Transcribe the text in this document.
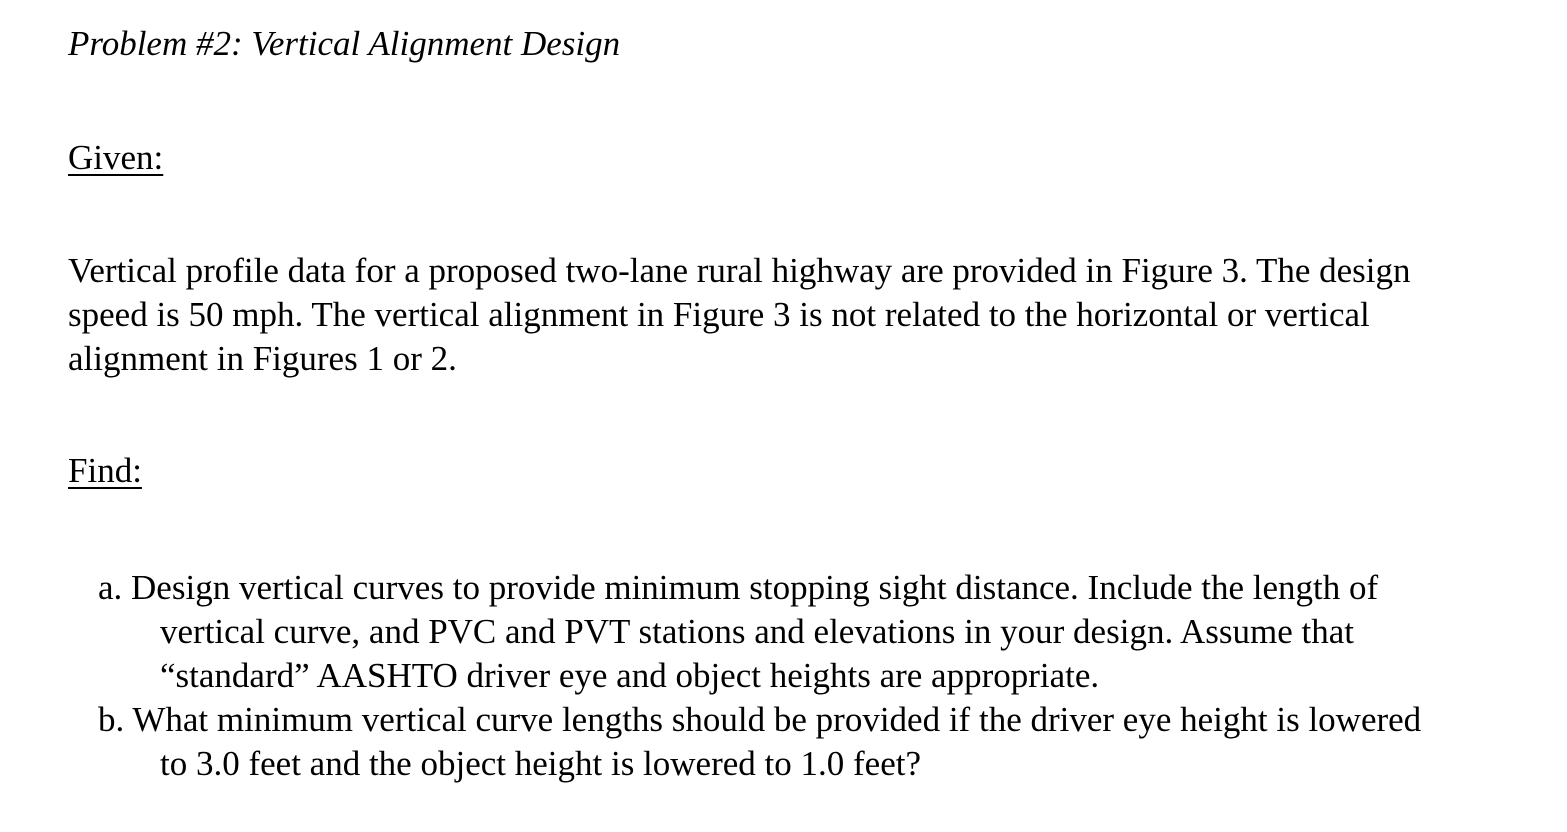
Problem #2: Vertical Alignment Design
Given:

Vertical profile data for a proposed two-lane rural highway are provided in Figure 3. The design
speed is 50 mph. The vertical alignment in Figure 3 is not related to the horizontal or vertical
alignment in Figures 1 or 2.

Find:
a. Design vertical curves to provide minimum stopping sight distance. Include the length of
vertical curve, and PVC and PVT stations and elevations in your design. Assume that
“standard” AASHTO driver eye and object heights are appropriate.
b. What minimum vertical curve lengths should be provided if the driver eye height is lowered
to 3.0 feet and the object height is lowered to 1.0 feet?
